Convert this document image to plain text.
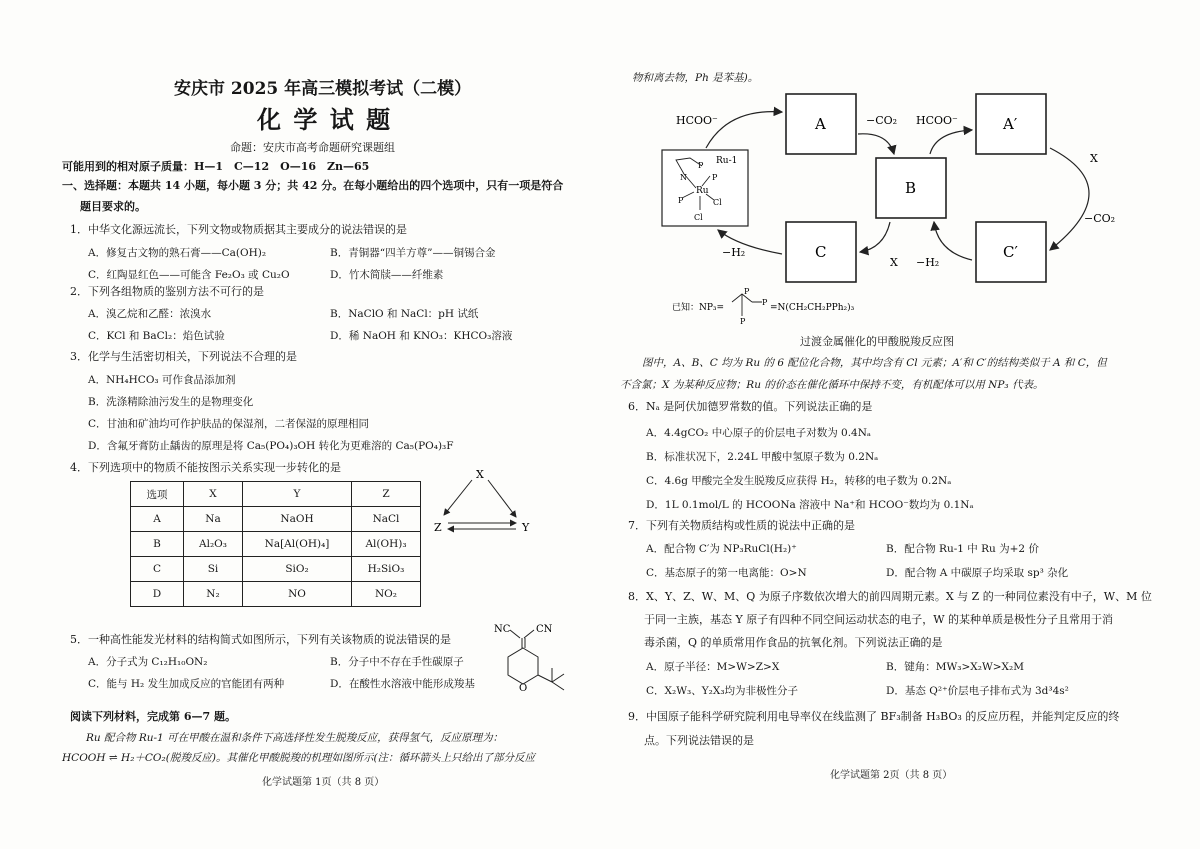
安庆市 2025 年高三模拟考试（二模）
化 学 试 题
命题：安庆市高考命题研究课题组
可能用到的相对原子质量：H—1　C—12　O—16　Zn—65
一、选择题：本题共 14 小题，每小题 3 分；共 42 分。在每小题给出的四个选项中，只有一项是符合
题目要求的。
1．中华文化源远流长，下列文物或物质据其主要成分的说法错误的是
A．修复古文物的熟石膏——Ca(OH)₂	B．青铜器“四羊方尊”——铜锡合金
C．红陶显红色——可能含 Fe₂O₃ 或 Cu₂O	D．竹木简牍——纤维素
2．下列各组物质的鉴别方法不可行的是
A．溴乙烷和乙醛：浓溴水	B．NaClO 和 NaCl：pH 试纸
C．KCl 和 BaCl₂：焰色试验	D．稀 NaOH 和 KNO₃：KHCO₃溶液
3．化学与生活密切相关，下列说法不合理的是
A．NH₄HCO₃ 可作食品添加剂
B．洗涤精除油污发生的是物理变化
C．甘油和矿油均可作护肤品的保湿剂，二者保湿的原理相同
D．含氟牙膏防止龋齿的原理是将 Ca₅(PO₄)₃OH 转化为更难溶的 Ca₅(PO₄)₃F
4．下列选项中的物质不能按图示关系实现一步转化的是
选项	X	Y	Z
A	Na	NaOH	NaCl
B	Al₂O₃	Na[Al(OH)₄]	Al(OH)₃
C	Si	SiO₂	H₂SiO₃
D	N₂	NO	NO₂
X
Y
Z
5．一种高性能发光材料的结构简式如图所示，下列有关该物质的说法错误的是
A．分子式为 C₁₂H₁₀ON₂	B．分子中不存在手性碳原子
C．能与 H₂ 发生加成反应的官能团有两种	D．在酸性水溶液中能形成羧基
NC	CN
O
阅读下列材料，完成第 6—7 题。
Ru 配合物 Ru-1 可在甲酸在温和条件下高选择性发生脱羧反应，获得氢气，反应原理为：
HCOOH ⇌ H₂＋CO₂(脱羧反应)。其催化甲酸脱羧的机理如图所示(注：循环箭头上只给出了部分反应
化学试题第 1页（共 8 页）
物和离去物，Ph 是苯基)。
A	A′
B
C	C′
Ru-1
Ru
N	P
P	Cl
Cl
P
HCOO⁻	−CO₂ HCOO⁻
X
−CO₂
X −H₂
−H₂
已知：NP₃=
P
P
P
=N(CH₂CH₂PPh₂)₃
过渡金属催化的甲酸脱羧反应图
图中，A、B、C 均为 Ru 的 6 配位化合物，其中均含有 Cl 元素；A′和 C′的结构类似于 A 和 C，但
不含氯；X 为某种反应物；Ru 的价态在催化循环中保持不变，有机配体可以用 NP₃ 代表。
6．Nₐ 是阿伏加德罗常数的值。下列说法正确的是
A．4.4gCO₂ 中心原子的价层电子对数为 0.4Nₐ
B．标准状况下，2.24L 甲酸中氢原子数为 0.2Nₐ
C．4.6g 甲酸完全发生脱羧反应获得 H₂，转移的电子数为 0.2Nₐ
D．1L 0.1mol/L 的 HCOONa 溶液中 Na⁺和 HCOO⁻数均为 0.1Nₐ
7．下列有关物质结构或性质的说法中正确的是
A．配合物 C′为 NP₃RuCl(H₂)⁺	B．配合物 Ru-1 中 Ru 为+2 价
C．基态原子的第一电离能：O>N	D．配合物 A 中碳原子均采取 sp³ 杂化
8．X、Y、Z、W、M、Q 为原子序数依次增大的前四周期元素。X 与 Z 的一种同位素没有中子，W、M 位
于同一主族，基态 Y 原子有四种不同空间运动状态的电子，W 的某种单质是极性分子且常用于消
毒杀菌，Q 的单质常用作食品的抗氧化剂。下列说法正确的是
A．原子半径：M>W>Z>X	B．键角：MW₃>X₂W>X₂M
C．X₂W₃、Y₂X₃均为非极性分子	D．基态 Q²⁺价层电子排布式为 3d³4s²
9．中国原子能科学研究院利用电导率仪在线监测了 BF₃制备 H₃BO₃ 的反应历程，并能判定反应的终
点。下列说法错误的是
化学试题第 2页（共 8 页）
